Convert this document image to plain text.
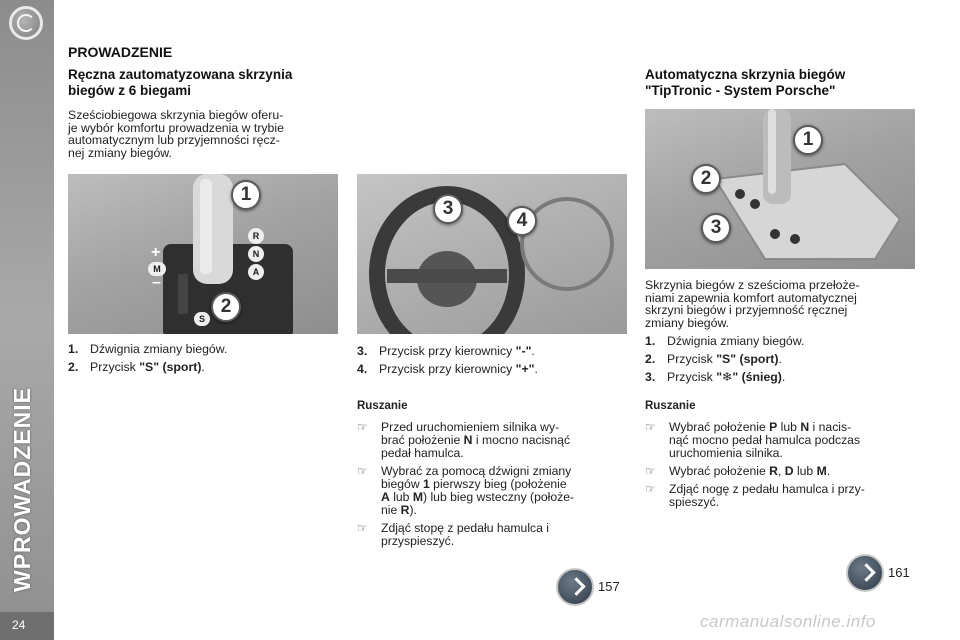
WPROWADZENIE
24
PROWADZENIE
Ręczna zautomatyzowana skrzynia biegów z 6 biegami
Sześciobiegowa skrzynia biegów oferu-
je wybór komfortu prowadzenia w trybie
automatycznym lub przyjemności ręcz-
nej zmiany biegów.
1
2
R
N
A
M
+
–
S
3
4
1. Dźwignia zmiany biegów.
2. Przycisk "S" (sport).
3. Przycisk przy kierownicy "-".
4. Przycisk przy kierownicy "+".
Ruszanie
☞ Przed uruchomieniem silnika wy-
brać położenie N i mocno nacisnąć
pedał hamulca.
☞ Wybrać za pomocą dźwigni zmiany
biegów 1 pierwszy bieg (położenie
A lub M) lub bieg wsteczny (położe-
nie R).
☞ Zdjąć stopę z pedału hamulca i
przyspieszyć.
157
Automatyczna skrzynia biegów
"TipTronic - System Porsche"
1
2
3
Skrzynia biegów z sześcioma przełoże-
niami zapewnia komfort automatycznej
skrzyni biegów i przyjemność ręcznej
zmiany biegów.
1. Dźwignia zmiany biegów.
2. Przycisk "S" (sport).
3. Przycisk "❄" (śnieg).
Ruszanie
☞ Wybrać położenie P lub N i nacis-
nąć mocno pedał hamulca podczas
uruchomienia silnika.
☞ Wybrać położenie R, D lub M.
☞ Zdjąć nogę z pedału hamulca i przy-
spieszyć.
161
carmanualsonline.info
